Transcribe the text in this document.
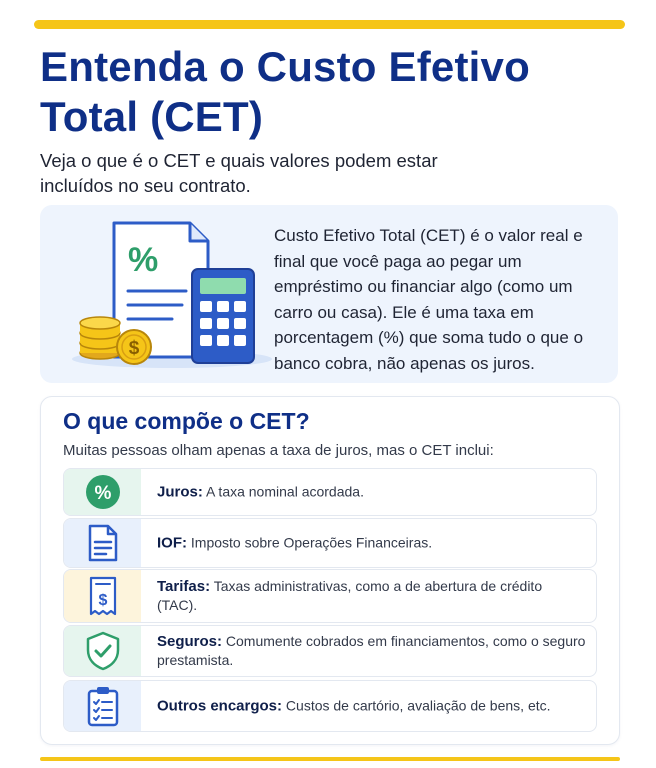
Entenda o Custo Efetivo Total (CET)

Veja o que é o CET e quais valores podem estar incluídos no seu contrato.

%
$

Custo Efetivo Total (CET) é o valor real e final que você paga ao pegar um empréstimo ou financiar algo (como um carro ou casa). Ele é uma taxa em porcentagem (%) que soma tudo o que o banco cobra, não apenas os juros.

O que compõe o CET?

Muitas pessoas olham apenas a taxa de juros, mas o CET inclui:

%	Juros: A taxa nominal acordada.
IOF: Imposto sobre Operações Financeiras.
$
Tarifas: Taxas administrativas, como a de abertura de crédito (TAC).
Seguros: Comumente cobrados em financiamentos, como o seguro prestamista.
Outros encargos: Custos de cartório, avaliação de bens, etc.
